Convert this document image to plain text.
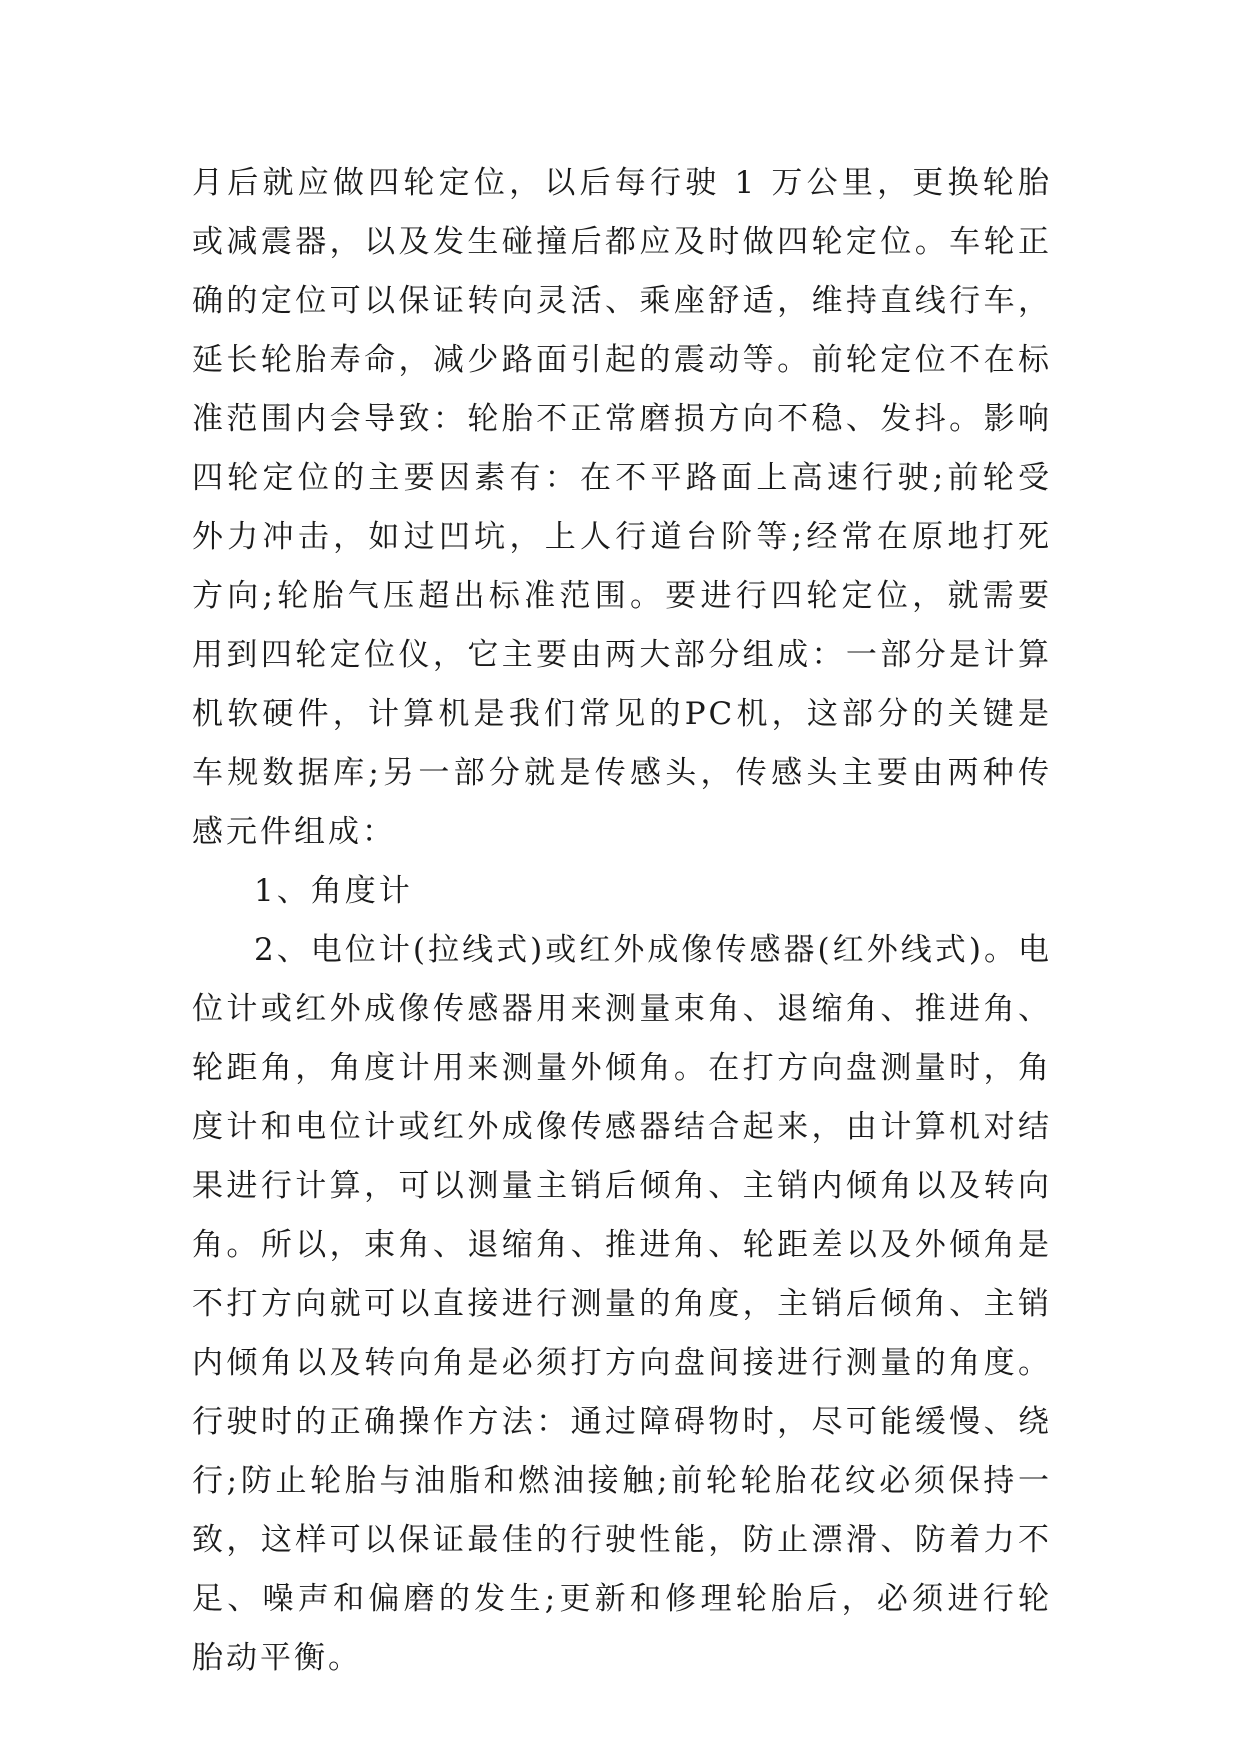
月后就应做四轮定位，以后每行驶 1 万公里，更换轮胎或减震器，以及发生碰撞后都应及时做四轮定位。车轮正确的定位可以保证转向灵活、乘座舒适，维持直线行车，延长轮胎寿命，减少路面引起的震动等。前轮定位不在标准范围内会导致：轮胎不正常磨损方向不稳、发抖。影响四轮定位的主要因素有：在不平路面上高速行驶;前轮受外力冲击，如过凹坑，上人行道台阶等;经常在原地打死方向;轮胎气压超出标准范围。要进行四轮定位，就需要用到四轮定位仪，它主要由两大部分组成：一部分是计算机软硬件，计算机是我们常见的PC机，这部分的关键是车规数据库;另一部分就是传感头，传感头主要由两种传感元件组成：

1、角度计

2、电位计(拉线式)或红外成像传感器(红外线式)。电位计或红外成像传感器用来测量束角、退缩角、推进角、轮距角，角度计用来测量外倾角。在打方向盘测量时，角度计和电位计或红外成像传感器结合起来，由计算机对结果进行计算，可以测量主销后倾角、主销内倾角以及转向角。所以，束角、退缩角、推进角、轮距差以及外倾角是不打方向就可以直接进行测量的角度，主销后倾角、主销内倾角以及转向角是必须打方向盘间接进行测量的角度。行驶时的正确操作方法：通过障碍物时，尽可能缓慢、绕行;防止轮胎与油脂和燃油接触;前轮轮胎花纹必须保持一致，这样可以保证最佳的行驶性能，防止漂滑、防着力不足、噪声和偏磨的发生;更新和修理轮胎后，必须进行轮胎动平衡。
